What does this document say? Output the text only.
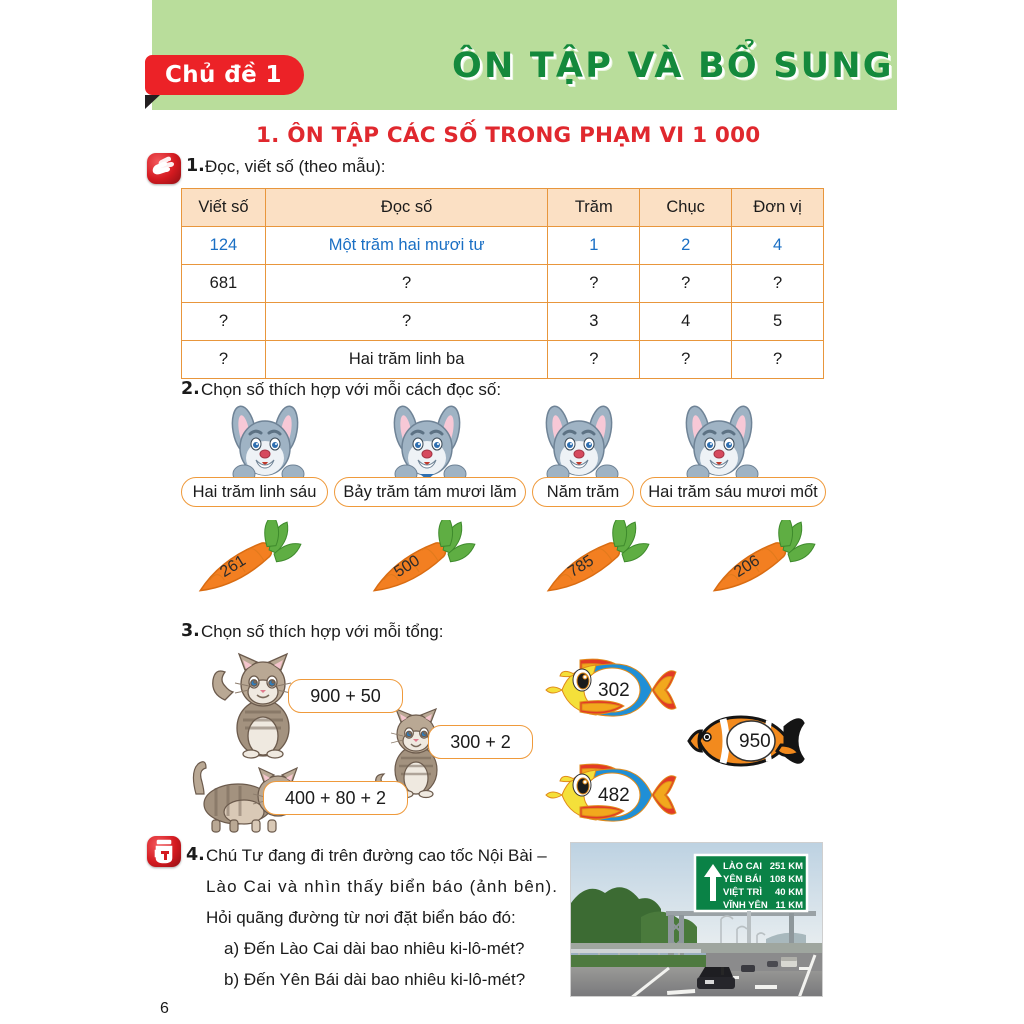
ÔN TẬP VÀ BỔ SUNG
Chủ đề 1
1. ÔN TẬP CÁC SỐ TRONG PHẠM VI 1 000
1. Đọc, viết số (theo mẫu):
Viết số	Đọc số	Trăm	Chục	Đơn vị
124	Một trăm hai mươi tư	1	2	4
681	?	?	?	?
?	?	3	4	5
?	Hai trăm linh ba	?	?	?
2. Chọn số thích hợp với mỗi cách đọc số:
Hai trăm linh sáu	Bảy trăm tám mươi lăm	Năm trăm	Hai trăm sáu mươi mốt
261	500	785	206
3. Chọn số thích hợp với mỗi tổng:
900 + 50
300 + 2
400 + 80 + 2
302
950
482
4. Chú Tư đang đi trên đường cao tốc Nội Bài –
Lào Cai và nhìn thấy biển báo (ảnh bên).
Hỏi quãng đường từ nơi đặt biển báo đó:
a) Đến Lào Cai dài bao nhiêu ki-lô-mét?
b) Đến Yên Bái dài bao nhiêu ki-lô-mét?
LÀO CAI 251 KM
YÊN BÁI 108 KM
VIỆT TRÌ 40 KM
VĨNH YÊN 11 KM
6
